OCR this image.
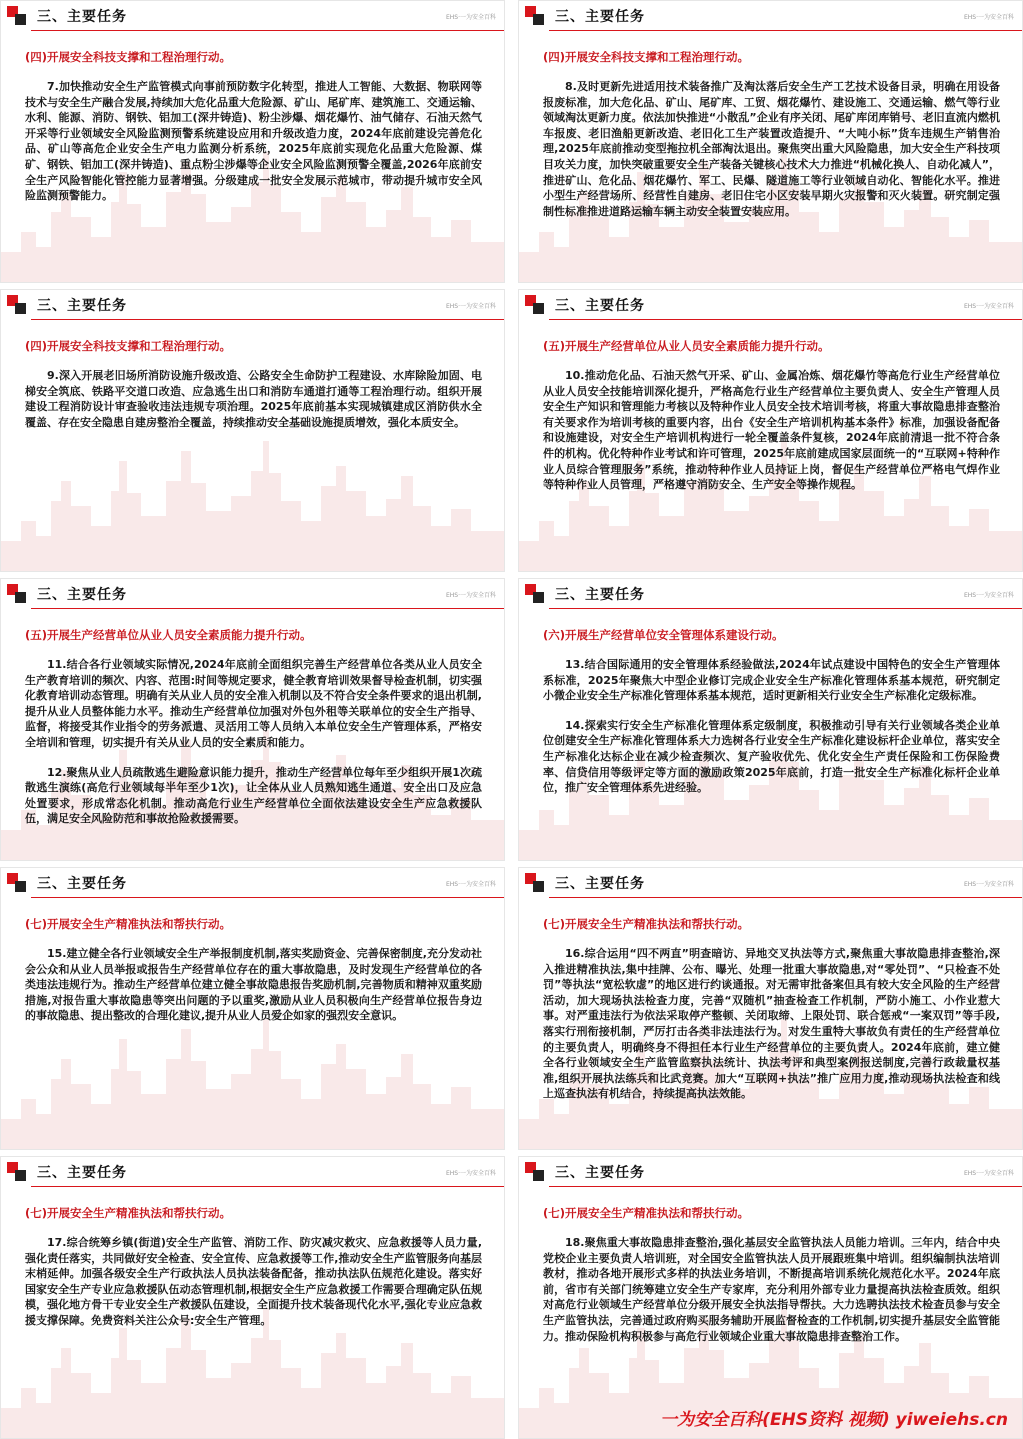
三、主要任务	EHS·一为安全百科
(四)开展安全科技支撑和工程治理行动。

7.加快推动安全生产监管模式向事前预防数字化转型，推进人工智能、大数据、物联网等技术与安全生产融合发展,持续加大危化品重大危险源、矿山、尾矿库、建筑施工、交通运输、水利、能源、消防、钢铁、铝加工(深井铸造)、粉尘涉爆、烟花爆竹、油气储存、石油天然气开采等行业领域安全风险监测预警系统建设应用和升级改造力度，2024年底前建设完善危化品、矿山等高危企业安全生产电力监测分析系统，2025年底前实现危化品重大危险源、煤矿、钢铁、铝加工(深井铸造)、重点粉尘涉爆等企业安全风险监测预警全覆盖,2026年底前安全生产风险智能化管控能力显著增强。分级建成一批安全发展示范城市，带动提升城市安全风险监测预警能力。

三、主要任务	EHS·一为安全百科
(四)开展安全科技支撑和工程治理行动。

8.及时更新先进适用技术装备推广及淘汰落后安全生产工艺技术设备目录，明确在用设备报废标准，加大危化品、矿山、尾矿库、工贸、烟花爆竹、建设施工、交通运输、燃气等行业领域淘汰更新力度。依法加快推进“小散乱”企业有序关闭、尾矿库闭库销号、老旧直流内燃机车报废、老旧渔船更新改造、老旧化工生产装置改造提升、“大吨小标”货车违规生产销售治理,2025年底前推动变型拖拉机全部淘汰退出。聚焦突出重大风险隐患，加大安全生产科技项目攻关力度，加快突破重要安全生产装备关键核心技术大力推进“机械化换人、自动化减人”，推进矿山、危化品、烟花爆竹、军工、民爆、隧道施工等行业领域自动化、智能化水平。推进小型生产经营场所、经营性自建房、老旧住宅小区安装早期火灾报警和灭火装置。研究制定强制性标准推进道路运输车辆主动安全装置安装应用。

三、主要任务	EHS·一为安全百科
(四)开展安全科技支撑和工程治理行动。

9.深入开展老旧场所消防设施升级改造、公路安全生命防护工程建设、水库除险加固、电梯安全筑底、铁路平交道口改造、应急逃生出口和消防车通道打通等工程治理行动。组织开展建设工程消防设计审查验收违法违规专项治理。2025年底前基本实现城镇建成区消防供水全覆盖、存在安全隐患自建房整治全覆盖，持续推动安全基础设施提质增效，强化本质安全。

三、主要任务	EHS·一为安全百科
(五)开展生产经营单位从业人员安全素质能力提升行动。

10.推动危化品、石油天然气开采、矿山、金属冶炼、烟花爆竹等高危行业生产经营单位从业人员安全技能培训深化提升，严格高危行业生产经营单位主要负责人、安全生产管理人员安全生产知识和管理能力考核以及特种作业人员安全技术培训考核，将重大事故隐患排查整治有关要求作为培训考核的重要内容，出台《安全生产培训机构基本条件》标准，加强设备配备和设施建设，对安全生产培训机构进行一轮全覆盖条件复核，2024年底前清退一批不符合条件的机构。优化特种作业考试和许可管理，2025年底前建成国家层面统一的“互联网+特种作业人员综合管理服务”系统，推动特种作业人员持证上岗，督促生产经营单位严格电气焊作业等特种作业人员管理，严格遵守消防安全、生产安全等操作规程。

三、主要任务	EHS·一为安全百科
(五)开展生产经营单位从业人员安全素质能力提升行动。

11.结合各行业领域实际情况,2024年底前全面组织完善生产经营单位各类从业人员安全生产教育培训的频次、内容、范围:时间等规定要求，健全教育培训效果督导检查机制，切实强化教育培训动态管理。明确有关从业人员的安全准入机制以及不符合安全条件要求的退出机制,提升从业人员整体能力水平。推动生产经营单位加强对外包外租等关联单位的安全生产指导、监督，将接受其作业指令的劳务派遣、灵活用工等人员纳入本单位安全生产管理体系，严格安全培训和管理，切实提升有关从业人员的安全素质和能力。

12.聚焦从业人员疏散逃生避险意识能力提升，推动生产经营单位每年至少组织开展1次疏散逃生演练(高危行业领域每半年至少1次)，让全体从业人员熟知逃生通道、安全出口及应急处置要求，形成常态化机制。推动高危行业生产经营单位全面依法建设安全生产应急救援队伍，满足安全风险防范和事故抢险救援需要。

三、主要任务	EHS·一为安全百科
(六)开展生产经营单位安全管理体系建设行动。

13.结合国际通用的安全管理体系经验做法,2024年试点建设中国特色的安全生产管理体系标准，2025年聚焦大中型企业修订完成企业安全生产标准化管理体系基本规范，研究制定小微企业安全生产标准化管理体系基本规范，适时更新相关行业安全生产标准化定级标准。

14.探索实行安全生产标准化管理体系定级制度，积极推动引导有关行业领域各类企业单位创建安全生产标准化管理体系大力选树各行业安全生产标准化建设标杆企业单位，落实安全生产标准化达标企业在减少检查频次、复产验收优先、优化安全生产责任保险和工伤保险费率、信贷信用等级评定等方面的激励政策2025年底前，打造一批安全生产标准化标杆企业单位，推广安全管理体系先进经验。

三、主要任务	EHS·一为安全百科
(七)开展安全生产精准执法和帮扶行动。

15.建立健全各行业领域安全生产举报制度机制,落实奖励资金、完善保密制度,充分发动社会公众和从业人员举报或报告生产经营单位存在的重大事故隐患，及时发现生产经营单位的各类违法违规行为。推动生产经营单位建立健全事故隐患报告奖励机制,完善物质和精神双重奖励措施,对报告重大事故隐患等突出问题的予以重奖,激励从业人员积极向生产经营单位报告身边的事故隐患、提出整改的合理化建议,提升从业人员爱企如家的强烈安全意识。

三、主要任务	EHS·一为安全百科
(七)开展安全生产精准执法和帮扶行动。

16.综合运用“四不两直”明查暗访、异地交叉执法等方式,聚焦重大事故隐患排查整治,深入推进精准执法,集中挂牌、公布、曝光、处理一批重大事故隐患,对“零处罚”、“只检查不处罚”等执法“宽松软虚”的地区进行约谈通报。对无需审批备案但具有较大安全风险的生产经营活动，加大现场执法检查力度，完善“双随机”抽查检查工作机制，严防小施工、小作业惹大事。对严重违法行为依法采取停产整顿、关闭取缔、上限处罚、联合惩戒“一案双罚”等手段,落实行刑衔接机制，严厉打击各类非法违法行为。对发生重特大事故负有责任的生产经营单位的主要负责人，明确终身不得担任本行业生产经营单位的主要负责人。2024年底前，建立健全各行业领域安全生产监管监察执法统计、执法考评和典型案例报送制度,完善行政裁量权基准,组织开展执法练兵和比武竞赛。加大“互联网+执法”推广应用力度,推动现场执法检查和线上巡查执法有机结合，持续提高执法效能。

三、主要任务	EHS·一为安全百科
(七)开展安全生产精准执法和帮扶行动。

17.综合统筹乡镇(街道)安全生产监管、消防工作、防灾减灾救灾、应急救援等人员力量,强化责任落实，共同做好安全检查、安全宣传、应急救援等工作,推动安全生产监管服务向基层末梢延伸。加强各级安全生产行政执法人员执法装备配备，推动执法队伍规范化建设。落实好国家安全生产专业应急救援队伍动态管理机制,根据安全生产应急救援工作需要合理确定队伍规模，强化地方骨干专业安全生产救援队伍建设，全面提升技术装备现代化水平,强化专业应急救援支撑保障。免费资料关注公众号:安全生产管理。

三、主要任务	EHS·一为安全百科
(七)开展安全生产精准执法和帮扶行动。

18.聚焦重大事故隐患排查整治,强化基层安全监管执法人员能力培训。三年内，结合中央党校企业主要负责人培训班，对全国安全监管执法人员开展跟班集中培训。组织编制执法培训教材，推动各地开展形式多样的执法业务培训，不断提高培训系统化规范化水平。2024年底前，省市有关部门统筹建立安全生产专家库，充分利用外部专业力量提高执法检查质效。组织对高危行业领域生产经营单位分级开展安全执法指导帮扶。大力选聘执法技术检查员参与安全生产监管执法，完善通过政府购买服务辅助开展监督检查的工作机制,切实提升基层安全监管能力。推动保险机构积极参与高危行业领域企业重大事故隐患排查整治工作。

一为安全百科(EHS资料 视频) yiweiehs.cn
